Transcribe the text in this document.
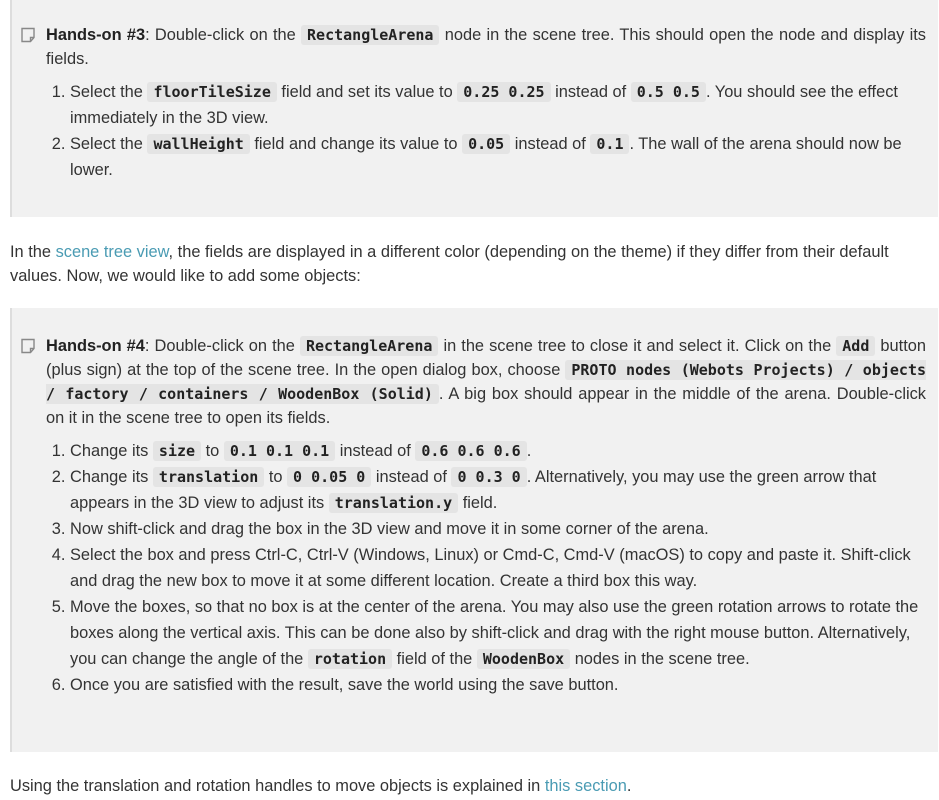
Hands-on #3: Double-click on the RectangleArena node in the scene tree. This should open the node and display its fields.

1. Select the floorTileSize field and set its value to 0.25 0.25 instead of 0.5 0.5 . You should see the effect immediately in the 3D view.
2. Select the wallHeight field and change its value to 0.05 instead of 0.1 . The wall of the arena should now be lower.

In the scene tree view, the fields are displayed in a different color (depending on the theme) if they differ from their default values. Now, we would like to add some objects:

Hands-on #4: Double-click on the RectangleArena in the scene tree to close it and select it. Click on the Add button (plus sign) at the top of the scene tree. In the open dialog box, choose PROTO nodes (Webots Projects) / objects / factory / containers / WoodenBox (Solid) . A big box should appear in the middle of the arena. Double-click on it in the scene tree to open its fields.

1. Change its size to 0.1 0.1 0.1 instead of 0.6 0.6 0.6 .
2. Change its translation to 0 0.05 0 instead of 0 0.3 0 . Alternatively, you may use the green arrow that appears in the 3D view to adjust its translation.y field.
3. Now shift-click and drag the box in the 3D view and move it in some corner of the arena.
4. Select the box and press Ctrl-C, Ctrl-V (Windows, Linux) or Cmd-C, Cmd-V (macOS) to copy and paste it. Shift-click and drag the new box to move it at some different location. Create a third box this way.
5. Move the boxes, so that no box is at the center of the arena. You may also use the green rotation arrows to rotate the boxes along the vertical axis. This can be done also by shift-click and drag with the right mouse button. Alternatively, you can change the angle of the rotation field of the WoodenBox nodes in the scene tree.
6. Once you are satisfied with the result, save the world using the save button.

Using the translation and rotation handles to move objects is explained in this section.
